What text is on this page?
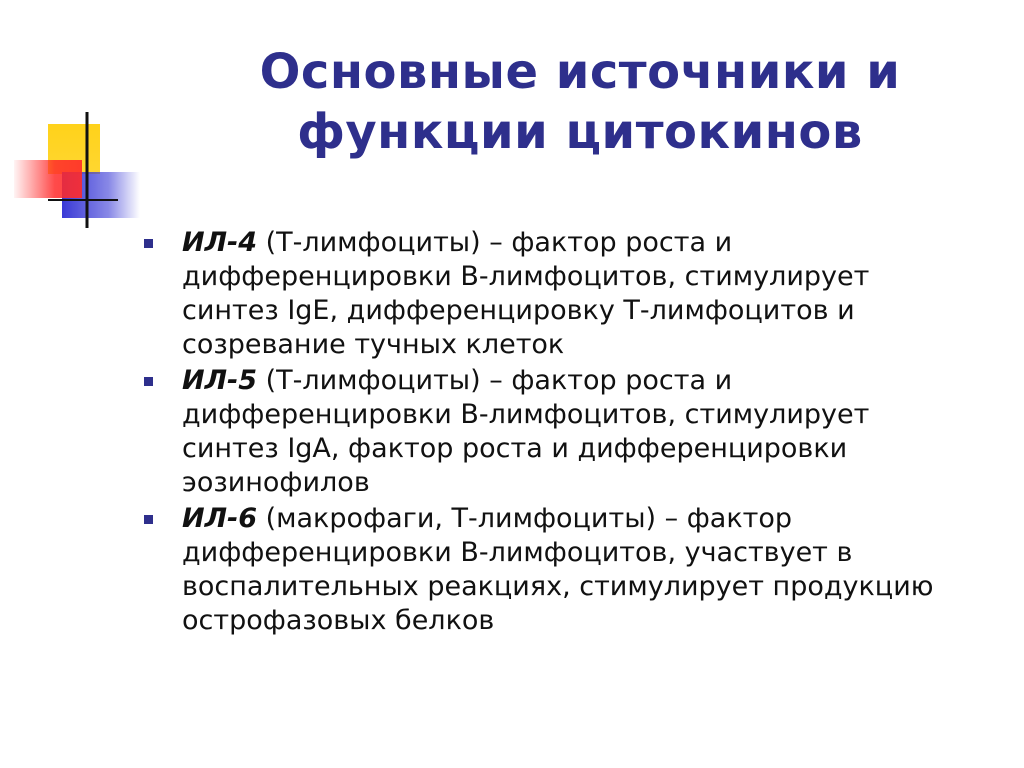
Основные источники и
функции цитокинов
ИЛ-4 (Т-лимфоциты) – фактор роста и дифференцировки В-лимфоцитов, стимулирует синтез IgE, дифференцировку Т-лимфоцитов и созревание тучных клеток
ИЛ-5 (Т-лимфоциты) – фактор роста и дифференцировки В-лимфоцитов, стимулирует синтез IgA, фактор роста и дифференцировки эозинофилов
ИЛ-6 (макрофаги, Т-лимфоциты) – фактор дифференцировки В-лимфоцитов, участвует в воспалительных реакциях, стимулирует продукцию острофазовых белков
